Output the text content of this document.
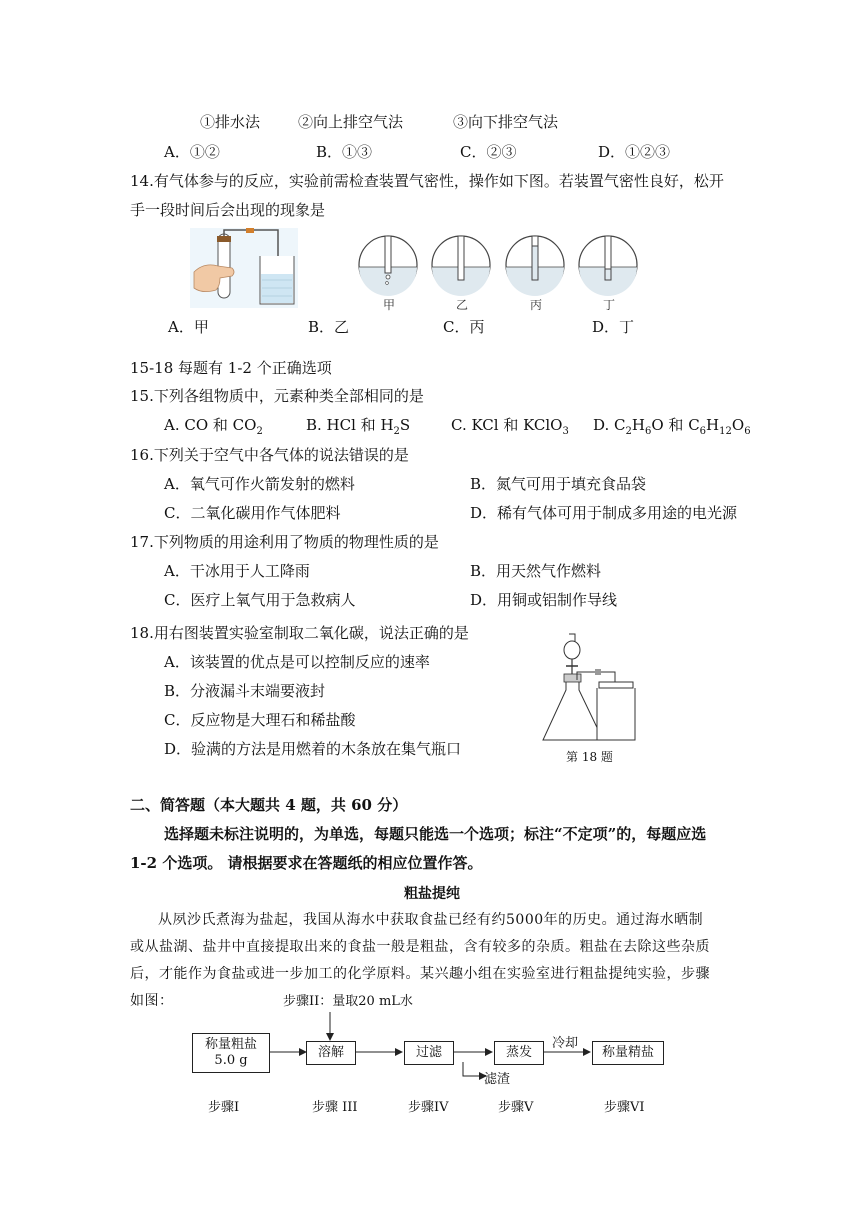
①排水法	②向上排空气法	③向下排空气法
A．①②	B．①③	C．②③	D．①②③
14.有气体参与的反应，实验前需检查装置气密性，操作如下图。若装置气密性良好，松开
手一段时间后会出现的现象是
甲	乙	丙	丁
A．甲	B．乙	C．丙	D．丁
15-18 每题有 1-2 个正确选项
15.下列各组物质中，元素种类全部相同的是
A. CO 和 $CO_2$	B. HCl 和 $H_2S$	C. KCl 和 KClO$_3$ D. $C_2H_6O$ 和 $C_6H_{12}O_6$
16.下列关于空气中各气体的说法错误的是
A．氧气可作火箭发射的燃料	B．氮气可用于填充食品袋
C．二氧化碳用作气体肥料	D．稀有气体可用于制成多用途的电光源
17.下列物质的用途利用了物质的物理性质的是
A．干冰用于人工降雨	B．用天然气作燃料
C．医疗上氧气用于急救病人	D．用铜或铝制作导线
18.用右图装置实验室制取二氧化碳，说法正确的是
A．该装置的优点是可以控制反应的速率
B．分液漏斗末端要液封
C．反应物是大理石和稀盐酸
D．验满的方法是用燃着的木条放在集气瓶口	第 18 题
二、简答题（本大题共 4 题，共 60 分）
选择题未标注说明的，为单选，每题只能选一个选项；标注“不定项”的，每题应选
1-2 个选项。 请根据要求在答题纸的相应位置作答。
粗盐提纯
从夙沙氏煮海为盐起，我国从海水中获取食盐已经有约5000年的历史。通过海水晒制
或从盐湖、盐井中直接提取出来的食盐一般是粗盐，含有较多的杂质。粗盐在去除这些杂质
后，才能作为食盐或进一步加工的化学原料。某兴趣小组在实验室进行粗盐提纯实验，步骤
如图：	步骤II：量取20 mL水
称量粗盐
5.0 g
溶解	过滤	蒸发	称量精盐
冷却
滤渣
步骤I	步骤 III	步骤IV	步骤V	步骤VI
